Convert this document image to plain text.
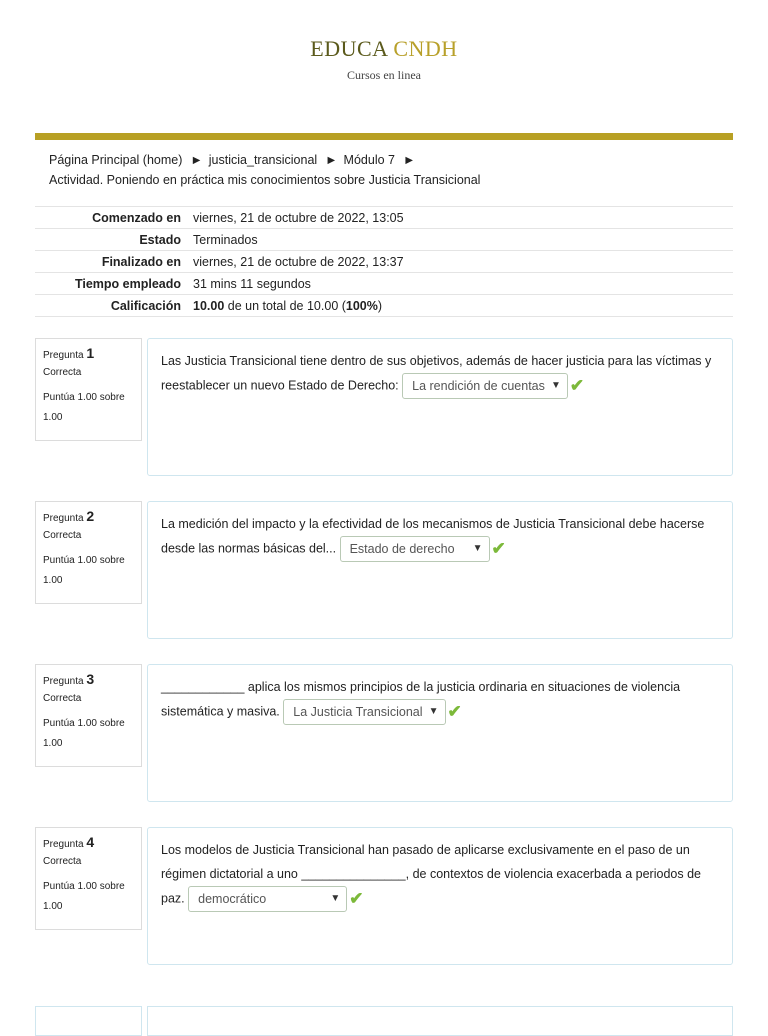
EDUCA CNDH
Cursos en linea
Página Principal (home) ► justicia_transicional ► Módulo 7 ►
Actividad. Poniendo en práctica mis conocimientos sobre Justicia Transicional
Comenzado en	viernes, 21 de octubre de 2022, 13:05
Estado	Terminados
Finalizado en	viernes, 21 de octubre de 2022, 13:37
Tiempo empleado	31 mins 11 segundos
Calificación	10.00 de un total de 10.00 (100%)
Pregunta 1
Correcta
Puntúa 1.00 sobre 1.00
Las Justicia Transicional tiene dentro de sus objetivos, además de hacer justicia para las víctimas y reestablecer un nuevo Estado de Derecho: La rendición de cuentas ▼ ✔
Pregunta 2
Correcta
Puntúa 1.00 sobre 1.00
La medición del impacto y la efectividad de los mecanismos de Justicia Transicional debe hacerse desde las normas básicas del... Estado de derecho ▼ ✔
Pregunta 3
Correcta
Puntúa 1.00 sobre 1.00
____________ aplica los mismos principios de la justicia ordinaria en situaciones de violencia sistemática y masiva. La Justicia Transicional ▼ ✔
Pregunta 4
Correcta
Puntúa 1.00 sobre 1.00
Los modelos de Justicia Transicional han pasado de aplicarse exclusivamente en el paso de un régimen dictatorial a uno _______________, de contextos de violencia exacerbada a periodos de paz. democrático	▼ ✔
